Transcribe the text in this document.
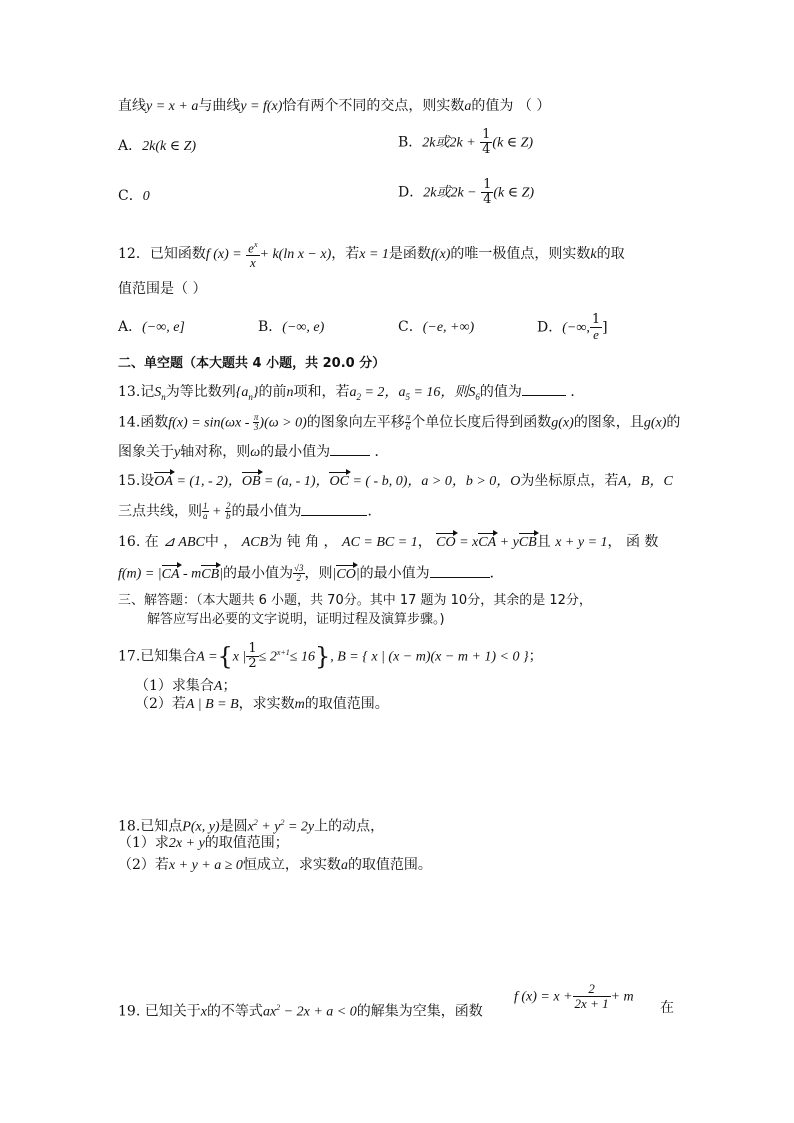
直线y = x + a与曲线y = f(x)恰有两个不同的交点，则实数a的值为 （ ）
A．2k(k ∈ Z)	B．2k或$2k + \frac{1}{4} (k$ ∈ Z)
C．0	D．2k或$2k - \frac{1}{4} (k$ ∈ Z)
12．已知函数f $(x) = \frac{e^x}{x} + k(\ln$ x − x)，若x = 1是函数f(x)的唯一极值点，则实数k的取
值范围是（ ）
A．(−∞, e]	B．(−∞, e)	C．(−e, +∞)	D．(−∞, $\frac{1}{e}$ ]
二、单空题（本大题共 4 小题，共 20.0 分）
13.记$S_n$为等比数列$\{a_n\}$的前n项和，若$a_2 = 2$，$a_5 = 16$，则$S_6$的值为	．
14.函数$f(x) = \sin(\omega x - \frac{\pi}{3} )(\omega > 0)$的图象向左平移 $\frac{\pi}{6}$ 个单位长度后得到函数g(x)的图象，且g(x)的
图象关于y轴对称，则ω的最小值为	．
15.设OA = (1, - 2)，OB = (a, - 1)，OC = ( - b, 0)，a > 0，b > 0，O为坐标原点，若A，B，C
三点共线，则 $\frac{1}{a} + \frac{2}{b}$ 的最小值为	．
16. 在 ⊿ ABC中 ， ACB为 钝 角 ， AC = BC = 1， CO = xCA + yCB且 x + y = 1， 函 数
f(m) = |CA - mCB|的最小值为 $\frac{√3}{2}$ ，则|CO|的最小值为	．
三、解答题：（本大题共 6 小题，共 70分。其中 17 题为 10分，其余的是 12分，
解答应写出必要的文字说明，证明过程及演算步骤。)
17.已知集合A ={x | $\frac{1}{2} \le 2^{x+1}\le 16$}, B = { x | (x − m)(x − m + 1) < 0 }；
（1）求集合A；
（2）若A | B = B，求实数m的取值范围。
18.已知点P(x, y)是圆$x^2 + y^2 = 2y$上的动点，
（1）求2x + y的取值范围；
（2）若x + y + a ≥ 0恒成立，求实数a的取值范围。
19. 已知关于x的不等式$ax^2 - 2x + a < 0$的解集为空集，函数
f $(x) = x + \frac{2}{2x + 1} + m$
在
